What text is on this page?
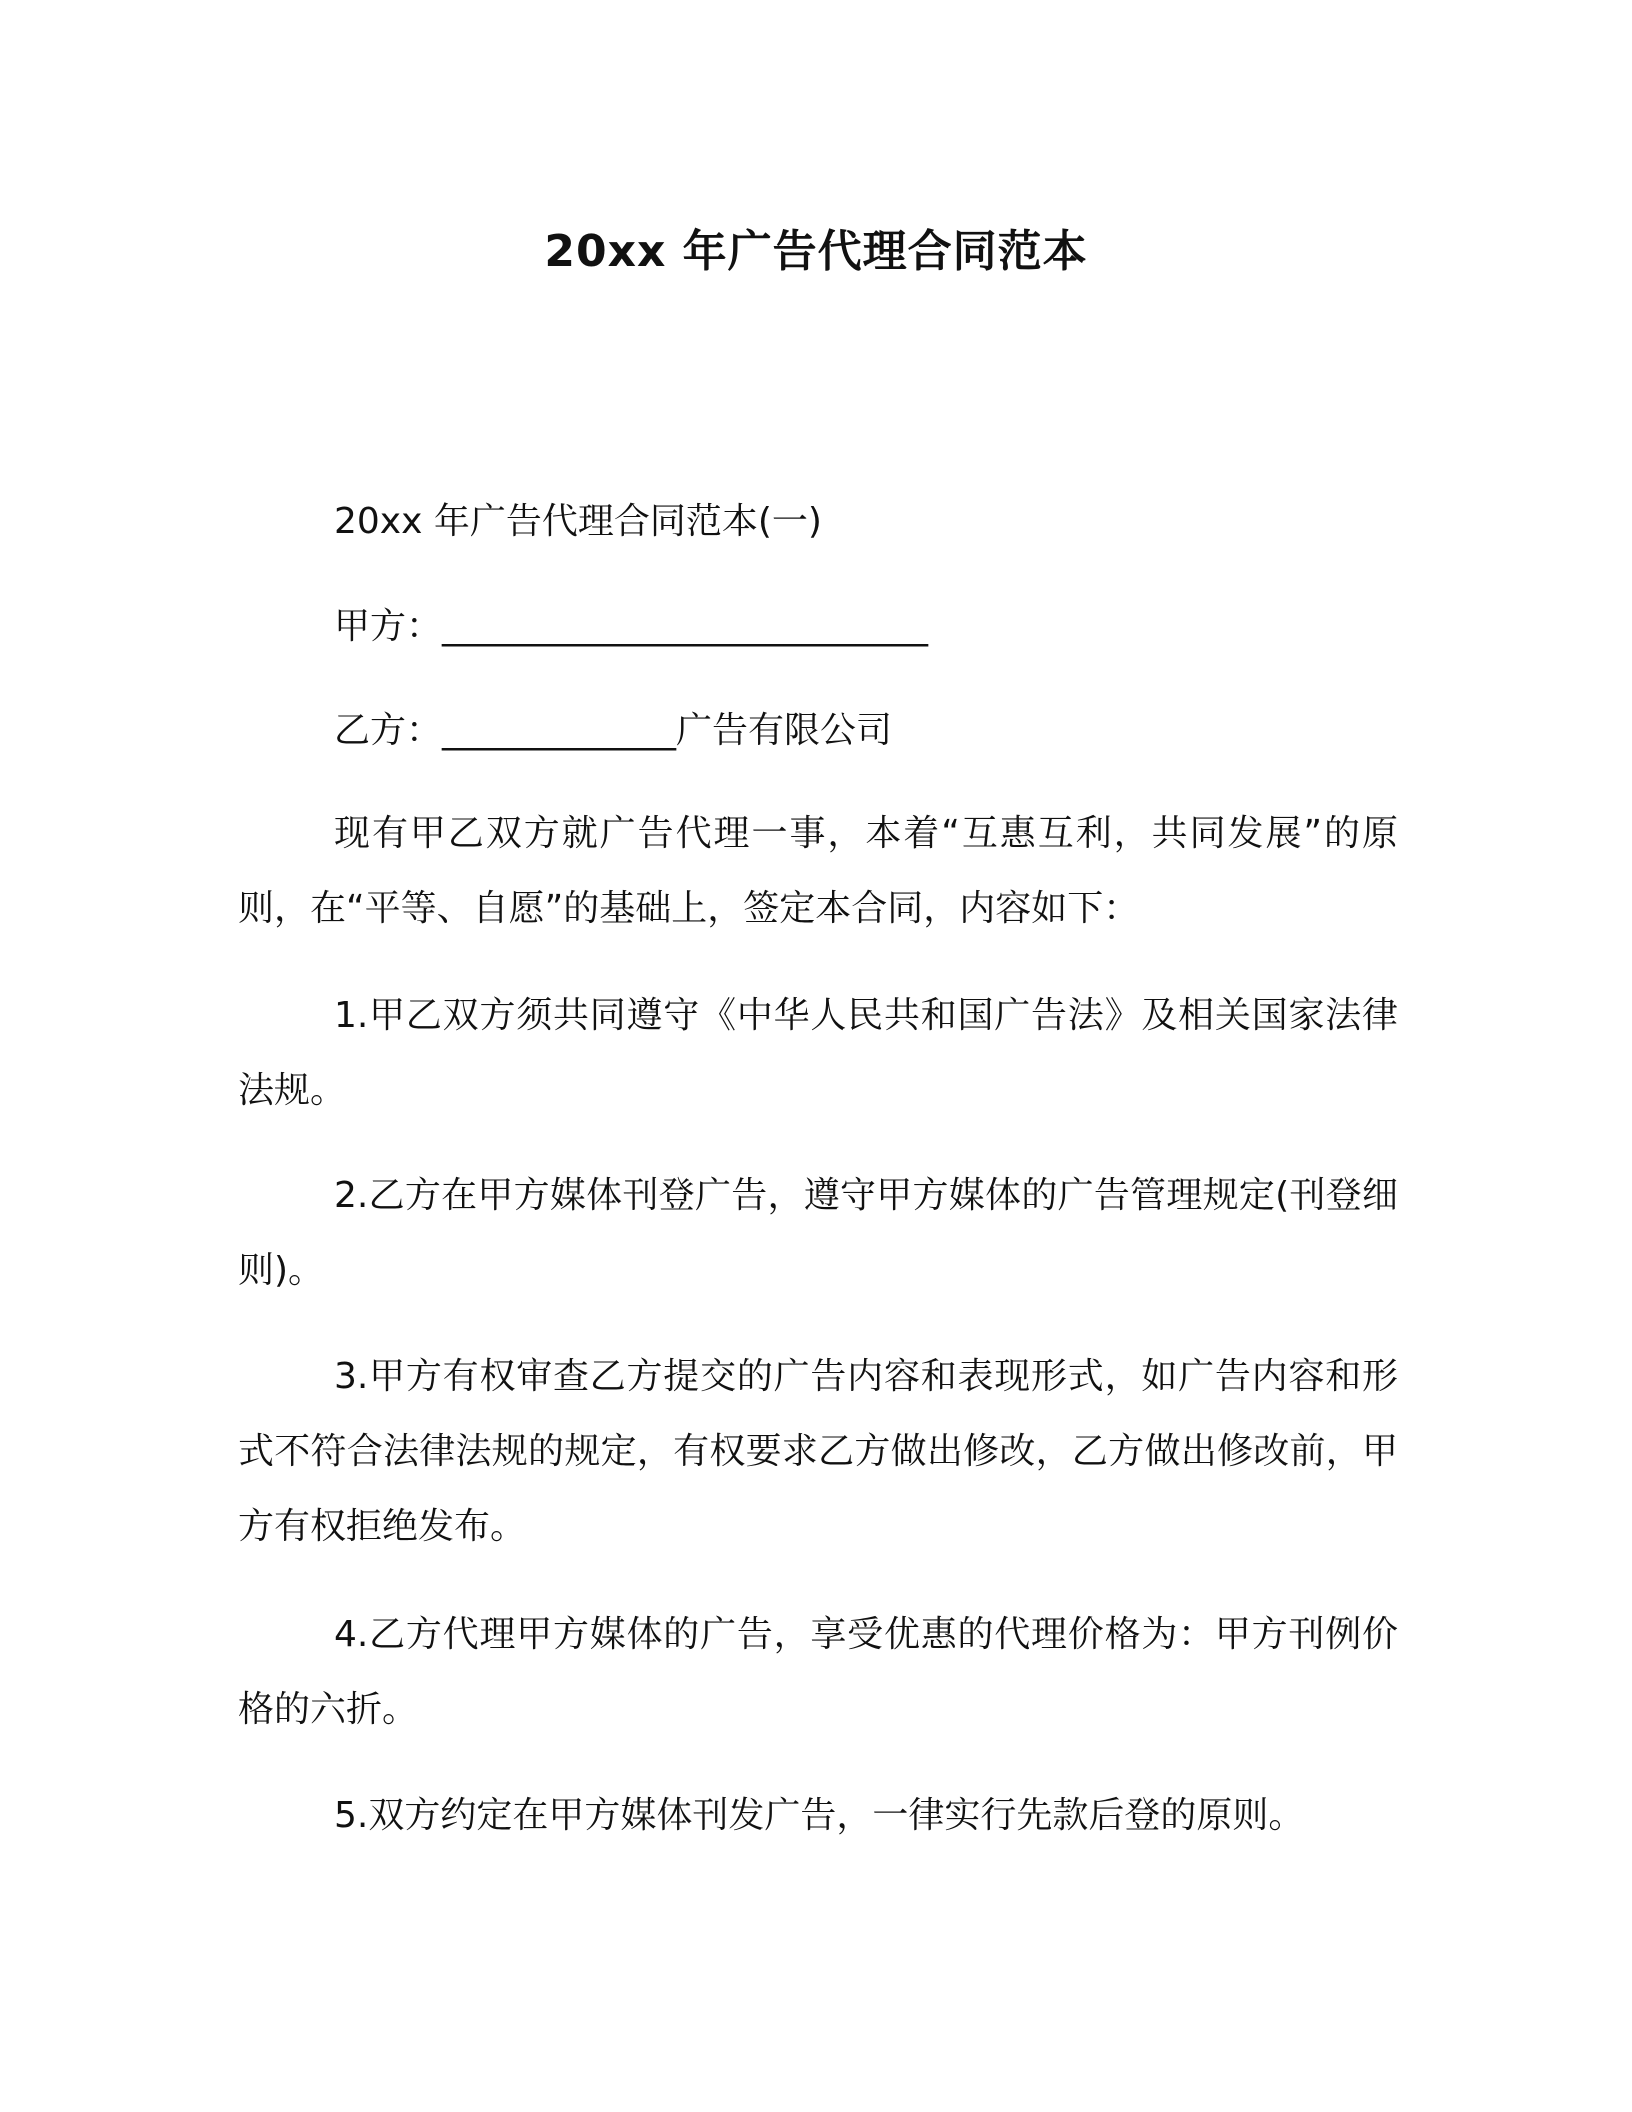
20xx 年广告代理合同范本

20xx 年广告代理合同范本(一)

甲方：___________________________

乙方：_____________广告有限公司

现有甲乙双方就广告代理一事，本着“互惠互利，共同发展”的原则，在“平等、自愿”的基础上，签定本合同，内容如下：

1.甲乙双方须共同遵守《中华人民共和国广告法》及相关国家法律法规。

2.乙方在甲方媒体刊登广告，遵守甲方媒体的广告管理规定(刊登细则)。

3.甲方有权审查乙方提交的广告内容和表现形式，如广告内容和形式不符合法律法规的规定，有权要求乙方做出修改，乙方做出修改前，甲方有权拒绝发布。

4.乙方代理甲方媒体的广告，享受优惠的代理价格为：甲方刊例价格的六折。

5.双方约定在甲方媒体刊发广告，一律实行先款后登的原则。
